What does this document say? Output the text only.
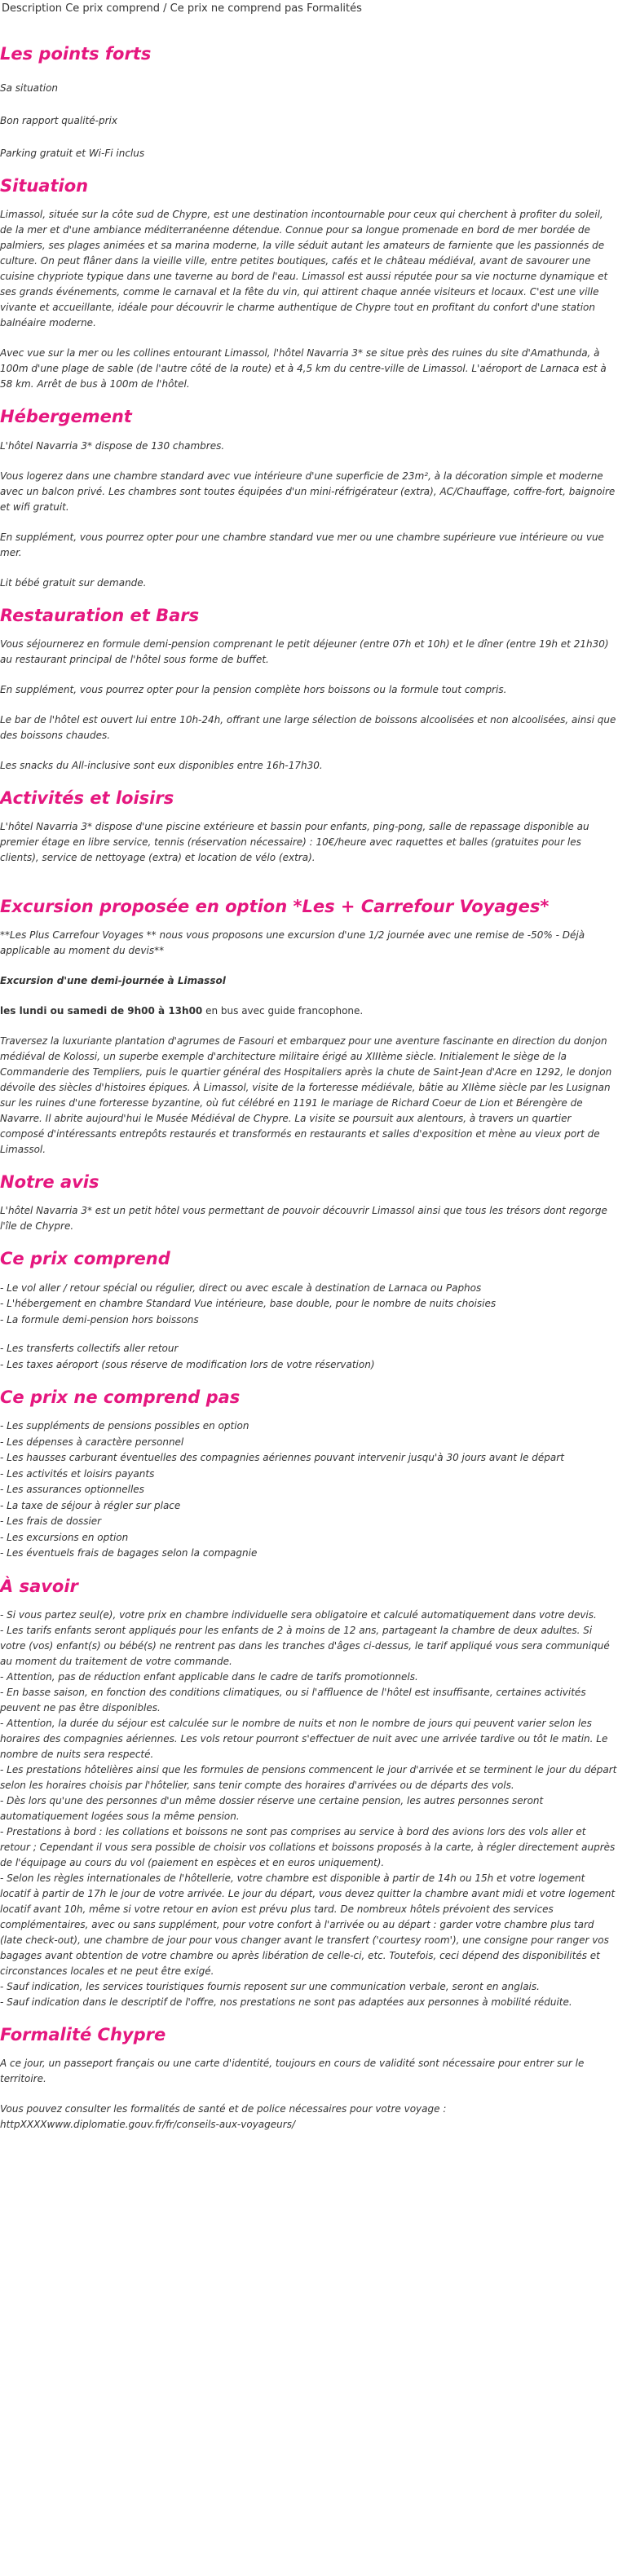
Description Ce prix comprend / Ce prix ne comprend pas Formalités
Les points forts

Sa situation

Bon rapport qualité-prix

Parking gratuit et Wi-Fi inclus

Situation

Limassol, située sur la côte sud de Chypre, est une destination incontournable pour ceux qui cherchent à profiter du soleil, de la mer et d'une ambiance méditerranéenne détendue. Connue pour sa longue promenade en bord de mer bordée de palmiers, ses plages animées et sa marina moderne, la ville séduit autant les amateurs de farniente que les passionnés de culture. On peut flâner dans la vieille ville, entre petites boutiques, cafés et le château médiéval, avant de savourer une cuisine chypriote typique dans une taverne au bord de l'eau. Limassol est aussi réputée pour sa vie nocturne dynamique et ses grands événements, comme le carnaval et la fête du vin, qui attirent chaque année visiteurs et locaux. C'est une ville vivante et accueillante, idéale pour découvrir le charme authentique de Chypre tout en profitant du confort d'une station balnéaire moderne.

Avec vue sur la mer ou les collines entourant Limassol, l'hôtel Navarria 3* se situe près des ruines du site d'Amathunda, à 100m d'une plage de sable (de l'autre côté de la route) et à 4,5 km du centre-ville de Limassol. L'aéroport de Larnaca est à 58 km. Arrêt de bus à 100m de l'hôtel.

Hébergement

L'hôtel Navarria 3* dispose de 130 chambres.

Vous logerez dans une chambre standard avec vue intérieure d'une superficie de 23m², à la décoration simple et moderne avec un balcon privé. Les chambres sont toutes équipées d'un mini-réfrigérateur (extra), AC/Chauffage, coffre-fort, baignoire et wifi gratuit.

En supplément, vous pourrez opter pour une chambre standard vue mer ou une chambre supérieure vue intérieure ou vue mer.

Lit bébé gratuit sur demande.

Restauration et Bars

Vous séjournerez en formule demi-pension comprenant le petit déjeuner (entre 07h et 10h) et le dîner (entre 19h et 21h30) au restaurant principal de l'hôtel sous forme de buffet.

En supplément, vous pourrez opter pour la pension complète hors boissons ou la formule tout compris.

Le bar de l'hôtel est ouvert lui entre 10h-24h, offrant une large sélection de boissons alcoolisées et non alcoolisées, ainsi que des boissons chaudes.

Les snacks du All-inclusive sont eux disponibles entre 16h-17h30.

Activités et loisirs

L'hôtel Navarria 3* dispose d'une piscine extérieure et bassin pour enfants, ping-pong, salle de repassage disponible au premier étage en libre service, tennis (réservation nécessaire) : 10€/heure avec raquettes et balles (gratuites pour les clients), service de nettoyage (extra) et location de vélo (extra).

Excursion proposée en option *Les + Carrefour Voyages*

**Les Plus Carrefour Voyages ** nous vous proposons une excursion d'une 1/2 journée avec une remise de -50% - Déjà applicable au moment du devis**

Excursion d'une demi-journée à Limassol

les lundi ou samedi de 9h00 à 13h00 en bus avec guide francophone.

Traversez la luxuriante plantation d'agrumes de Fasouri et embarquez pour une aventure fascinante en direction du donjon médiéval de Kolossi, un superbe exemple d'architecture militaire érigé au XIIIème siècle. Initialement le siège de la Commanderie des Templiers, puis le quartier général des Hospitaliers après la chute de Saint-Jean d'Acre en 1292, le donjon dévoile des siècles d'histoires épiques. À Limassol, visite de la forteresse médiévale, bâtie au XIIème siècle par les Lusignan sur les ruines d'une forteresse byzantine, où fut célébré en 1191 le mariage de Richard Coeur de Lion et Bérengère de Navarre. Il abrite aujourd'hui le Musée Médiéval de Chypre. La visite se poursuit aux alentours, à travers un quartier composé d'intéressants entrepôts restaurés et transformés en restaurants et salles d'exposition et mène au vieux port de Limassol.

Notre avis

L'hôtel Navarria 3* est un petit hôtel vous permettant de pouvoir découvrir Limassol ainsi que tous les trésors dont regorge l'île de Chypre.

Ce prix comprend
- Le vol aller / retour spécial ou régulier, direct ou avec escale à destination de Larnaca ou Paphos
- L'hébergement en chambre Standard Vue intérieure, base double, pour le nombre de nuits choisies
- La formule demi-pension hors boissons
- Les transferts collectifs aller retour
- Les taxes aéroport (sous réserve de modification lors de votre réservation)
Ce prix ne comprend pas
- Les suppléments de pensions possibles en option
- Les dépenses à caractère personnel
- Les hausses carburant éventuelles des compagnies aériennes pouvant intervenir jusqu'à 30 jours avant le départ
- Les activités et loisirs payants
- Les assurances optionnelles
- La taxe de séjour à régler sur place
- Les frais de dossier
- Les excursions en option
- Les éventuels frais de bagages selon la compagnie
À savoir

- Si vous partez seul(e), votre prix en chambre individuelle sera obligatoire et calculé automatiquement dans votre devis.
- Les tarifs enfants seront appliqués pour les enfants de 2 à moins de 12 ans, partageant la chambre de deux adultes. Si votre (vos) enfant(s) ou bébé(s) ne rentrent pas dans les tranches d'âges ci-dessus, le tarif appliqué vous sera communiqué au moment du traitement de votre commande.
- Attention, pas de réduction enfant applicable dans le cadre de tarifs promotionnels.
- En basse saison, en fonction des conditions climatiques, ou si l'affluence de l'hôtel est insuffisante, certaines activités peuvent ne pas être disponibles.
- Attention, la durée du séjour est calculée sur le nombre de nuits et non le nombre de jours qui peuvent varier selon les horaires des compagnies aériennes. Les vols retour pourront s'effectuer de nuit avec une arrivée tardive ou tôt le matin. Le nombre de nuits sera respecté.
- Les prestations hôtelières ainsi que les formules de pensions commencent le jour d'arrivée et se terminent le jour du départ selon les horaires choisis par l'hôtelier, sans tenir compte des horaires d'arrivées ou de départs des vols.
- Dès lors qu'une des personnes d'un même dossier réserve une certaine pension, les autres personnes seront automatiquement logées sous la même pension.
- Prestations à bord : les collations et boissons ne sont pas comprises au service à bord des avions lors des vols aller et retour ; Cependant il vous sera possible de choisir vos collations et boissons proposés à la carte, à régler directement auprès de l'équipage au cours du vol (paiement en espèces et en euros uniquement).
- Selon les règles internationales de l'hôtellerie, votre chambre est disponible à partir de 14h ou 15h et votre logement locatif à partir de 17h le jour de votre arrivée. Le jour du départ, vous devez quitter la chambre avant midi et votre logement locatif avant 10h, même si votre retour en avion est prévu plus tard. De nombreux hôtels prévoient des services complémentaires, avec ou sans supplément, pour votre confort à l'arrivée ou au départ : garder votre chambre plus tard (late check-out), une chambre de jour pour vous changer avant le transfert ('courtesy room'), une consigne pour ranger vos bagages avant obtention de votre chambre ou après libération de celle-ci, etc. Toutefois, ceci dépend des disponibilités et circonstances locales et ne peut être exigé.
- Sauf indication, les services touristiques fournis reposent sur une communication verbale, seront en anglais.
- Sauf indication dans le descriptif de l'offre, nos prestations ne sont pas adaptées aux personnes à mobilité réduite.

Formalité Chypre

A ce jour, un passeport français ou une carte d'identité, toujours en cours de validité sont nécessaire pour entrer sur le territoire.

Vous pouvez consulter les formalités de santé et de police nécessaires pour votre voyage :

httpXXXXwww.diplomatie.gouv.fr/fr/conseils-aux-voyageurs/
